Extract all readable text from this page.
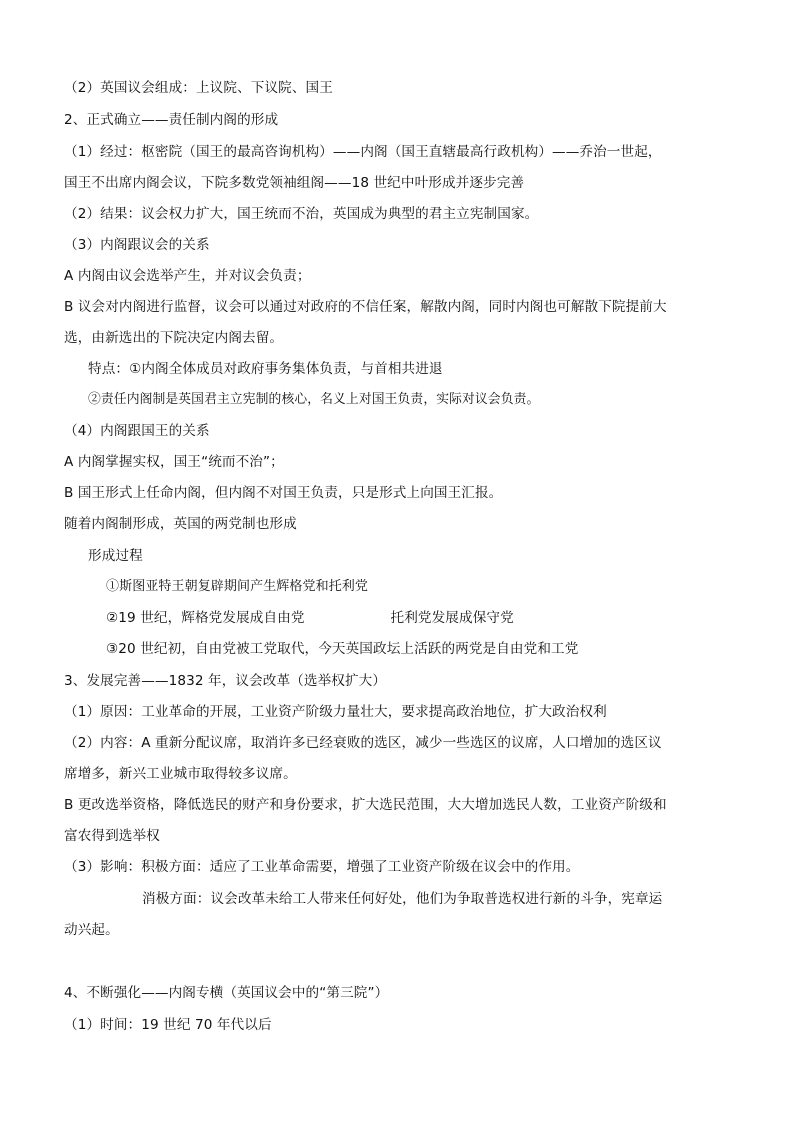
（2）英国议会组成：上议院、下议院、国王
2、正式确立——责任制内阁的形成
（1）经过：枢密院（国王的最高咨询机构）——内阁（国王直辖最高行政机构）——乔治一世起，
国王不出席内阁会议，下院多数党领袖组阁——18 世纪中叶形成并逐步完善
（2）结果：议会权力扩大，国王统而不治，英国成为典型的君主立宪制国家。
（3）内阁跟议会的关系
A 内阁由议会选举产生，并对议会负责；
B 议会对内阁进行监督，议会可以通过对政府的不信任案，解散内阁，同时内阁也可解散下院提前大
选，由新选出的下院决定内阁去留。
特点：①内阁全体成员对政府事务集体负责，与首相共进退
②责任内阁制是英国君主立宪制的核心，名义上对国王负责，实际对议会负责。
（4）内阁跟国王的关系
A 内阁掌握实权，国王“统而不治”；
B 国王形式上任命内阁，但内阁不对国王负责，只是形式上向国王汇报。
随着内阁制形成，英国的两党制也形成
形成过程
①斯图亚特王朝复辟期间产生辉格党和托利党
②19 世纪，辉格党发展成自由党	托利党发展成保守党
③20 世纪初，自由党被工党取代，今天英国政坛上活跃的两党是自由党和工党
3、发展完善——1832 年，议会改革（选举权扩大）
（1）原因：工业革命的开展，工业资产阶级力量壮大，要求提高政治地位，扩大政治权利
（2）内容：A 重新分配议席，取消许多已经衰败的选区，减少一些选区的议席，人口增加的选区议
席增多，新兴工业城市取得较多议席。
B 更改选举资格，降低选民的财产和身份要求，扩大选民范围，大大增加选民人数，工业资产阶级和
富农得到选举权
（3）影响：积极方面：适应了工业革命需要，增强了工业资产阶级在议会中的作用。
消极方面：议会改革未给工人带来任何好处，他们为争取普选权进行新的斗争，宪章运
动兴起。
4、不断强化——内阁专横（英国议会中的“第三院”）
（1）时间：19 世纪 70 年代以后
